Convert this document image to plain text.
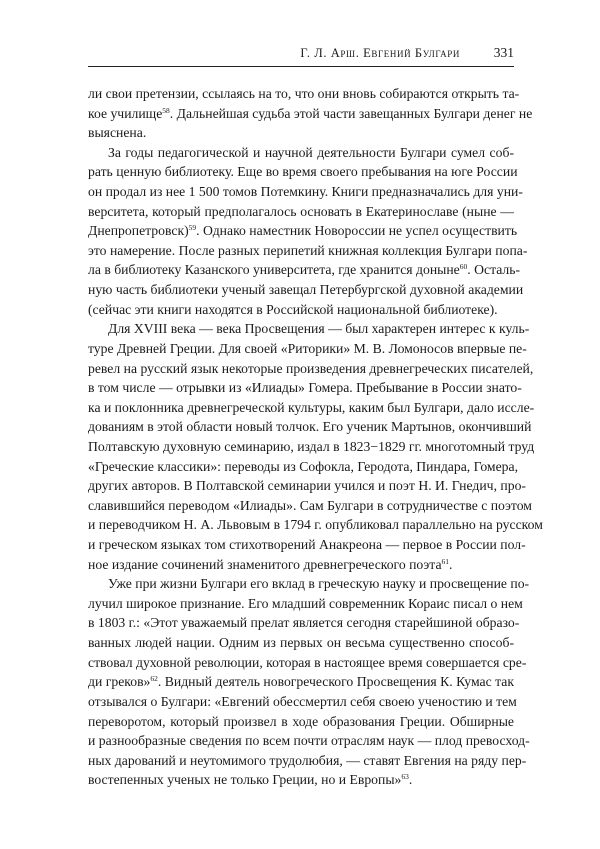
Г. Л. Арш. Евгений Булгари	331
ли свои претензии, ссылаясь на то, что они вновь собираются открыть та-
кое училище$^{58}$. Дальнейшая судьба этой части завещанных Булгари денег не
выяснена.
За годы педагогической и научной деятельности Булгари сумел соб-
рать ценную библиотеку. Еще во время своего пребывания на юге России
он продал из нее 1 500 томов Потемкину. Книги предназначались для уни-
верситета, который предполагалось основать в Екатеринославе (ныне —
Днепропетровск)$^{59}$. Однако наместник Новороссии не успел осуществить
это намерение. После разных перипетий книжная коллекция Булгари попа-
ла в библиотеку Казанского университета, где хранится доныне$^{60}$. Осталь-
ную часть библиотеки ученый завещал Петербургской духовной академии
(сейчас эти книги находятся в Российской национальной библиотеке).
Для XVIII века — века Просвещения — был характерен интерес к куль-
туре Древней Греции. Для своей «Риторики» М. В. Ломоносов впервые пе-
ревел на русский язык некоторые произведения древнегреческих писателей,
в том числе — отрывки из «Илиады» Гомера. Пребывание в России знато-
ка и поклонника древнегреческой культуры, каким был Булгари, дало иссле-
дованиям в этой области новый толчок. Его ученик Мартынов, окончивший
Полтавскую духовную семинарию, издал в 1823−1829 гг. многотомный труд
«Греческие классики»: переводы из Софокла, Геродота, Пиндара, Гомера,
других авторов. В Полтавской семинарии учился и поэт Н. И. Гнедич, про-
славившийся переводом «Илиады». Сам Булгари в сотрудничестве с поэтом
и переводчиком Н. А. Львовым в 1794 г. опубликовал параллельно на русском
и греческом языках том стихотворений Анакреона — первое в России пол-
ное издание сочинений знаменитого древнегреческого поэта$^{61}$.
Уже при жизни Булгари его вклад в греческую науку и просвещение по-
лучил широкое признание. Его младший современник Кораис писал о нем
в 1803 г.: «Этот уважаемый прелат является сегодня старейшиной образо-
ванных людей нации. Одним из первых он весьма существенно способ-
ствовал духовной революции, которая в настоящее время совершается сре-
ди греков»$^{62}$. Видный деятель новогреческого Просвещения К. Кумас так
отзывался о Булгари: «Евгений обессмертил себя своею ученостию и тем
переворотом, который произвел в ходе образования Греции. Обширные
и разнообразные сведения по всем почти отраслям наук — плод превосход-
ных дарований и неутомимого трудолюбия, — ставят Евгения на ряду пер-
востепенных ученых не только Греции, но и Европы»$^{63}$.
